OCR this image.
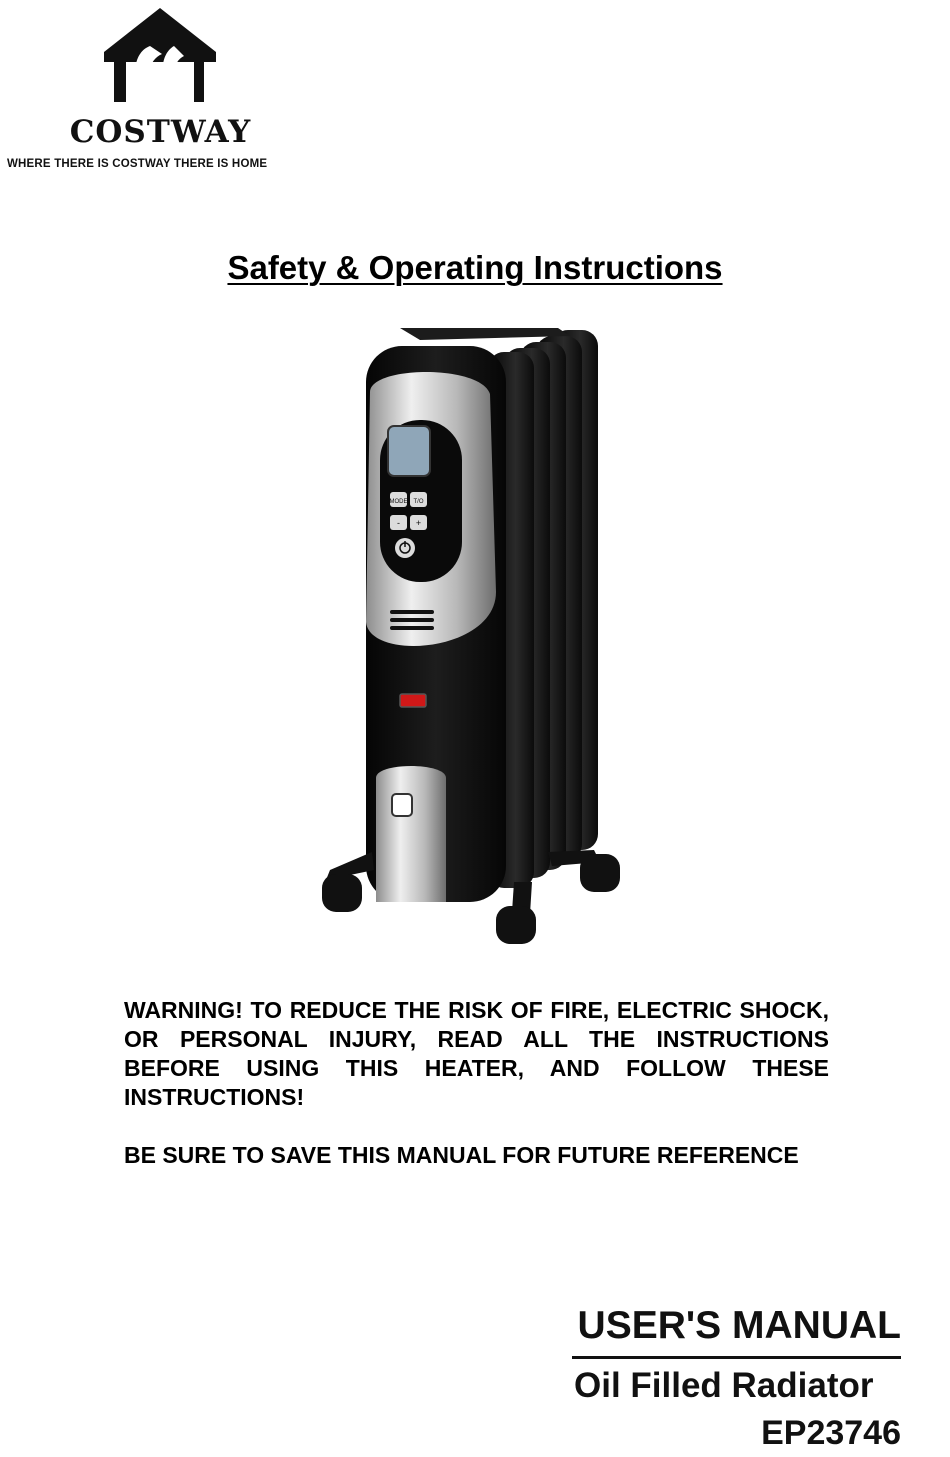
COSTWAY
WHERE THERE IS COSTWAY THERE IS HOME
Safety & Operating Instructions
MODE T/O
- +

WARNING! TO REDUCE THE RISK OF FIRE, ELECTRIC SHOCK, OR PERSONAL INJURY, READ ALL THE INSTRUCTIONS BEFORE USING THIS HEATER, AND FOLLOW THESE INSTRUCTIONS!

BE SURE TO SAVE THIS MANUAL FOR FUTURE REFERENCE

USER'S MANUAL
Oil Filled Radiator
EP23746
